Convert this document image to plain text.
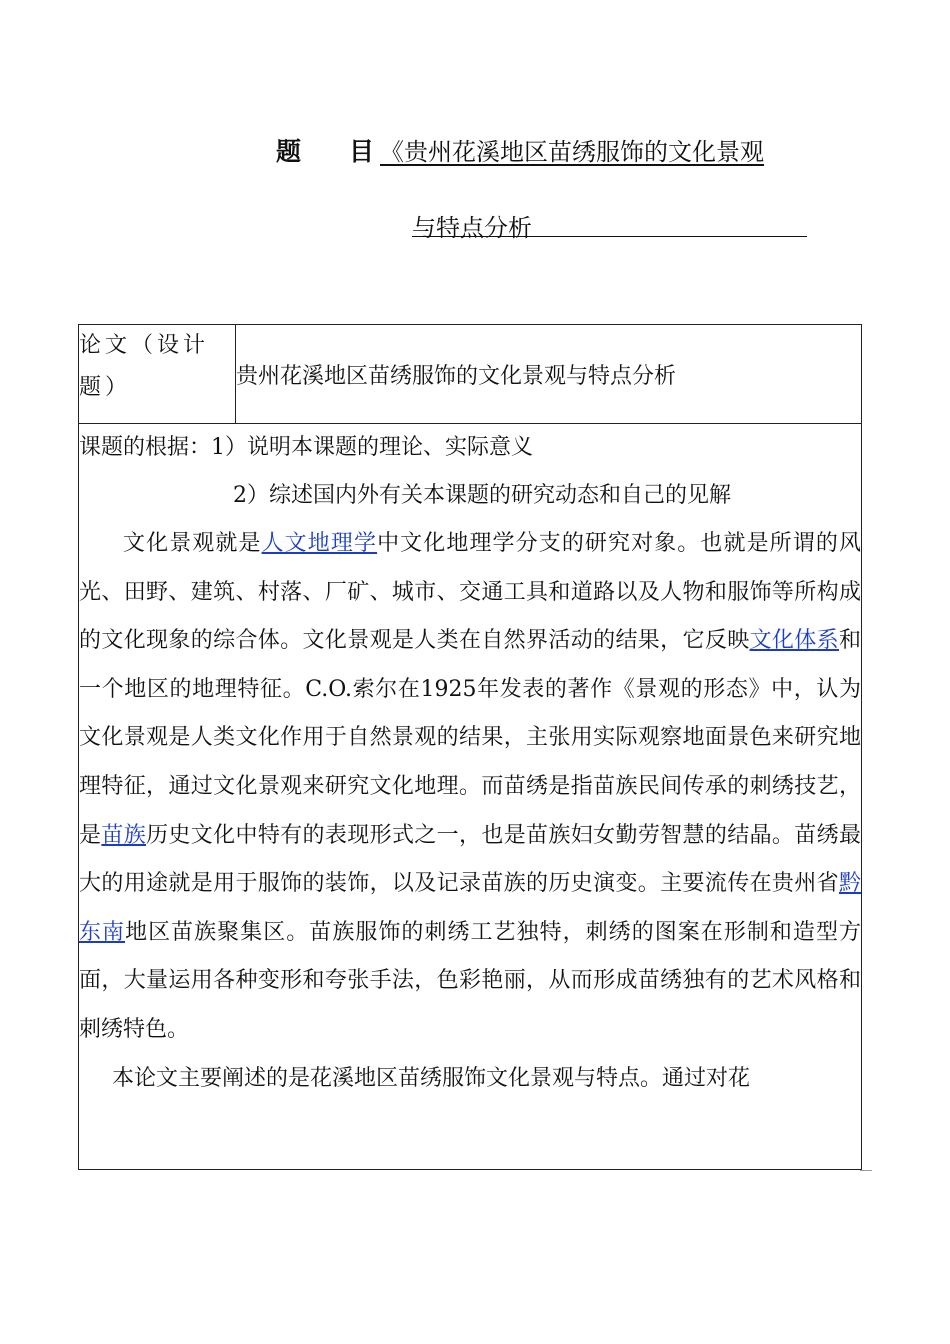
题 目 《贵州花溪地区苗绣服饰的文化景观
与特点分析
论文（设计题）	贵州花溪地区苗绣服饰的文化景观与特点分析

课题的根据：1）说明本课题的理论、实际意义
2）综述国内外有关本课题的研究动态和自己的见解

文化景观就是人文地理学中文化地理学分支的研究对象。也就是所谓的风光、田野、建筑、村落、厂矿、城市、交通工具和道路以及人物和服饰等所构成的文化现象的综合体。文化景观是人类在自然界活动的结果，它反映文化体系和一个地区的地理特征。C.O.索尔在1925年发表的著作《景观的形态》中，认为文化景观是人类文化作用于自然景观的结果，主张用实际观察地面景色来研究地理特征，通过文化景观来研究文化地理。而苗绣是指苗族民间传承的刺绣技艺，是苗族历史文化中特有的表现形式之一，也是苗族妇女勤劳智慧的结晶。苗绣最大的用途就是用于服饰的装饰，以及记录苗族的历史演变。主要流传在贵州省黔东南地区苗族聚集区。苗族服饰的刺绣工艺独特，刺绣的图案在形制和造型方面，大量运用各种变形和夸张手法，色彩艳丽，从而形成苗绣独有的艺术风格和刺绣特色。

本论文主要阐述的是花溪地区苗绣服饰文化景观与特点。通过对花
